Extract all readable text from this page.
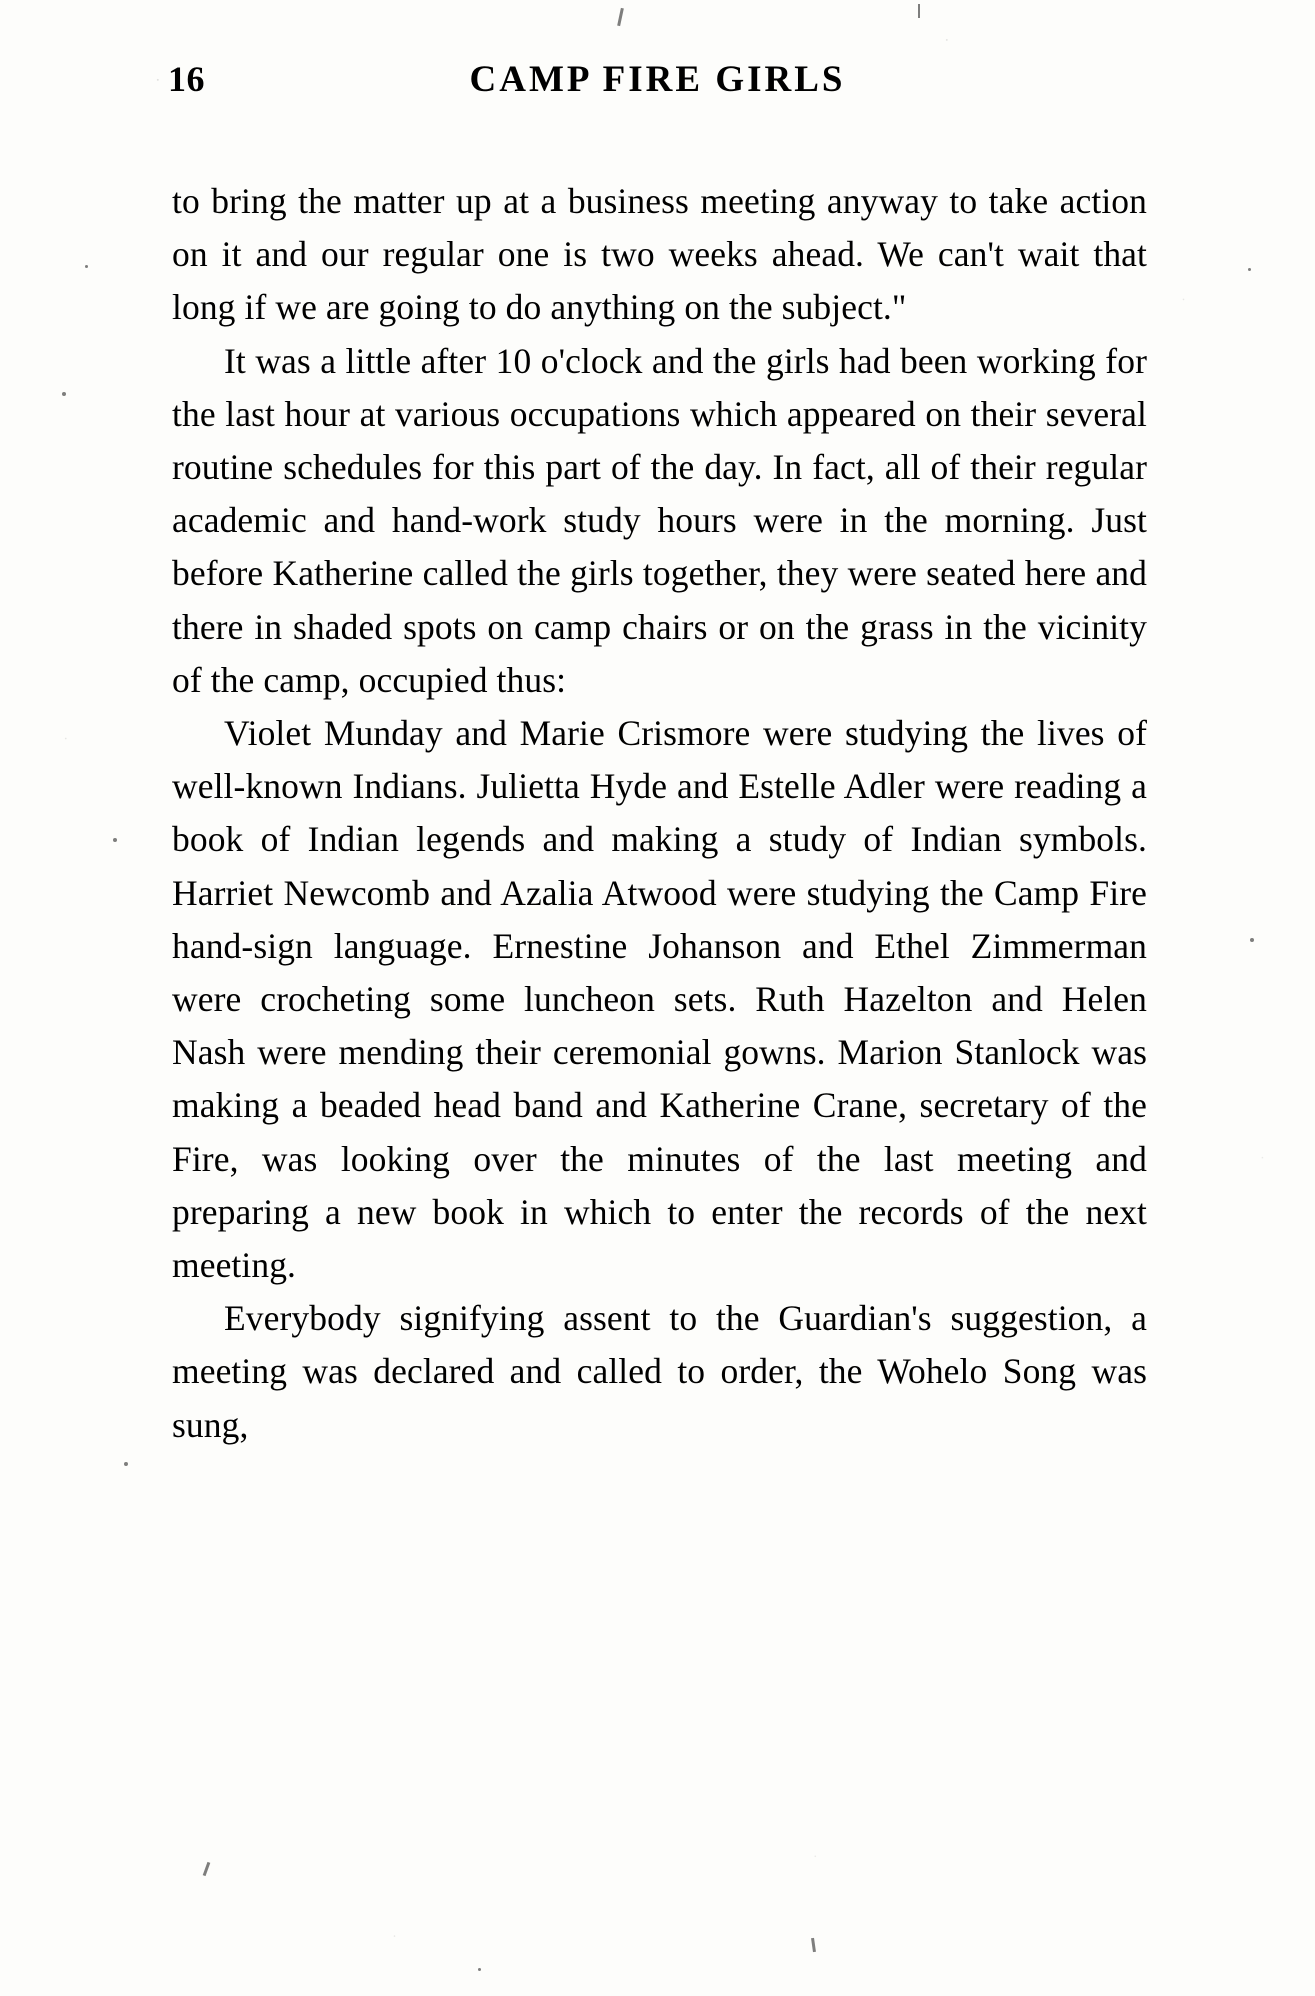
16	CAMP FIRE GIRLS

to bring the matter up at a business meeting anyway to take action on it and our regular one is two weeks ahead. We can't wait that long if we are going to do anything on the subject."

It was a little after 10 o'clock and the girls had been working for the last hour at various occupations which appeared on their several routine schedules for this part of the day. In fact, all of their regular academic and hand-work study hours were in the morning. Just before Katherine called the girls together, they were seated here and there in shaded spots on camp chairs or on the grass in the vicinity of the camp, occupied thus:

Violet Munday and Marie Crismore were studying the lives of well-known Indians. Julietta Hyde and Estelle Adler were reading a book of Indian legends and making a study of Indian symbols. Harriet Newcomb and Azalia Atwood were studying the Camp Fire hand-sign language. Ernestine Johanson and Ethel Zimmerman were crocheting some luncheon sets. Ruth Hazelton and Helen Nash were mending their ceremonial gowns. Marion Stanlock was making a beaded head band and Katherine Crane, secretary of the Fire, was looking over the minutes of the last meeting and preparing a new book in which to enter the records of the next meeting.

Everybody signifying assent to the Guardian's suggestion, a meeting was declared and called to order, the Wohelo Song was sung,
